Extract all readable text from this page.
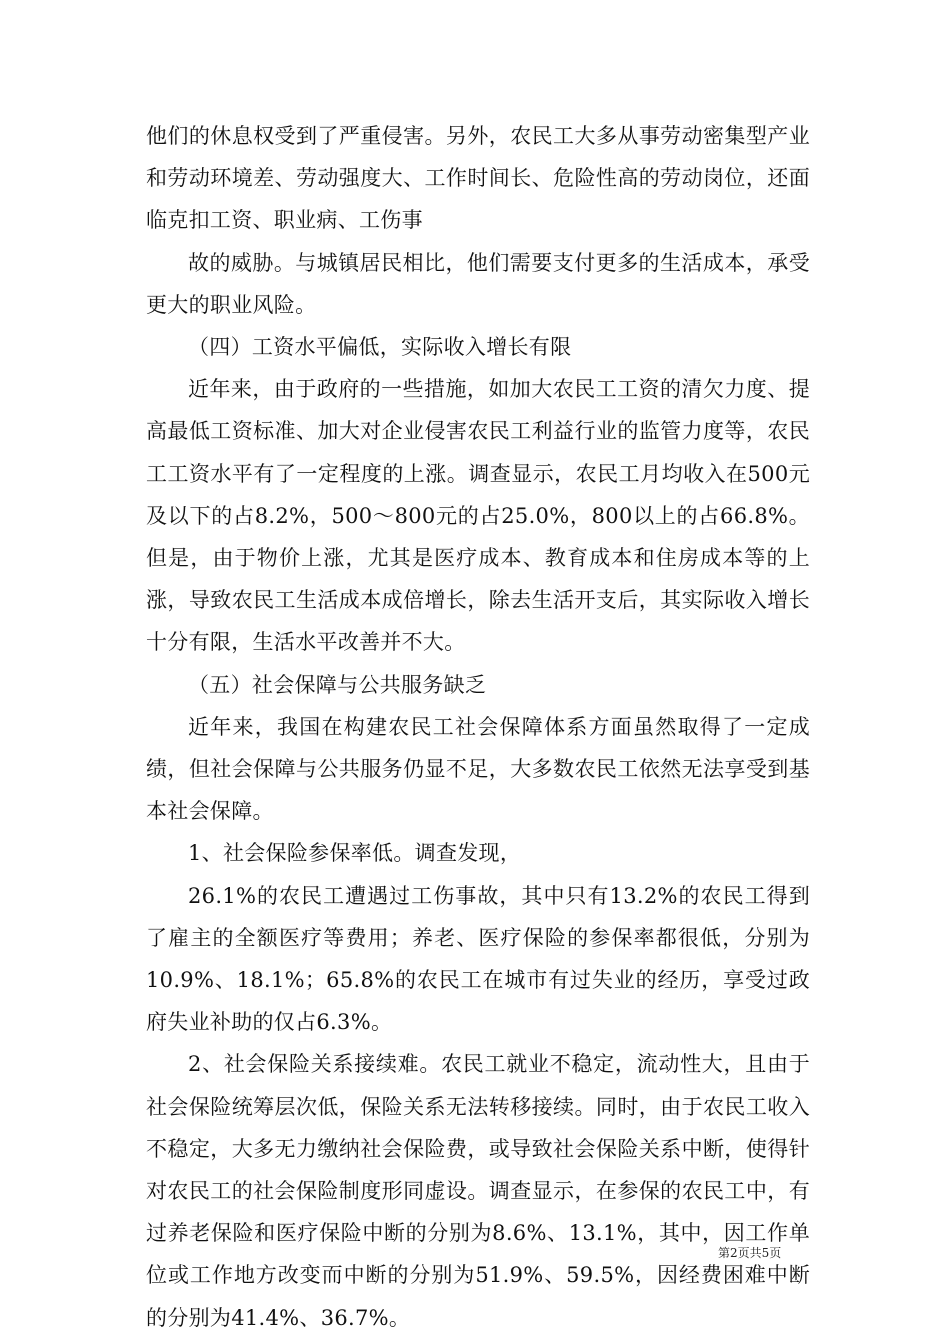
他们的休息权受到了严重侵害。另外，农民工大多从事劳动密集型产业和劳动环境差、劳动强度大、工作时间长、危险性高的劳动岗位，还面临克扣工资、职业病、工伤事

故的威胁。与城镇居民相比，他们需要支付更多的生活成本，承受更大的职业风险。

（四）工资水平偏低，实际收入增长有限

近年来，由于政府的一些措施，如加大农民工工资的清欠力度、提高最低工资标准、加大对企业侵害农民工利益行业的监管力度等，农民工工资水平有了一定程度的上涨。调查显示，农民工月均收入在500元及以下的占8.2%，500～800元的占25.0%，800以上的占66.8%。但是，由于物价上涨，尤其是医疗成本、教育成本和住房成本等的上涨，导致农民工生活成本成倍增长，除去生活开支后，其实际收入增长十分有限，生活水平改善并不大。

（五）社会保障与公共服务缺乏

近年来，我国在构建农民工社会保障体系方面虽然取得了一定成绩，但社会保障与公共服务仍显不足，大多数农民工依然无法享受到基本社会保障。

1、社会保险参保率低。调查发现，

26.1%的农民工遭遇过工伤事故，其中只有13.2%的农民工得到了雇主的全额医疗等费用；养老、医疗保险的参保率都很低，分别为10.9%、18.1%；65.8%的农民工在城市有过失业的经历，享受过政府失业补助的仅占6.3%。

2、社会保险关系接续难。农民工就业不稳定，流动性大，且由于社会保险统筹层次低，保险关系无法转移接续。同时，由于农民工收入不稳定，大多无力缴纳社会保险费，或导致社会保险关系中断，使得针对农民工的社会保险制度形同虚设。调查显示，在参保的农民工中，有过养老保险和医疗保险中断的分别为8.6%、13.1%，其中，因工作单位或工作地方改变而中断的分别为51.9%、59.5%，因经费困难中断的分别为41.4%、36.7%。

第2页共5页
